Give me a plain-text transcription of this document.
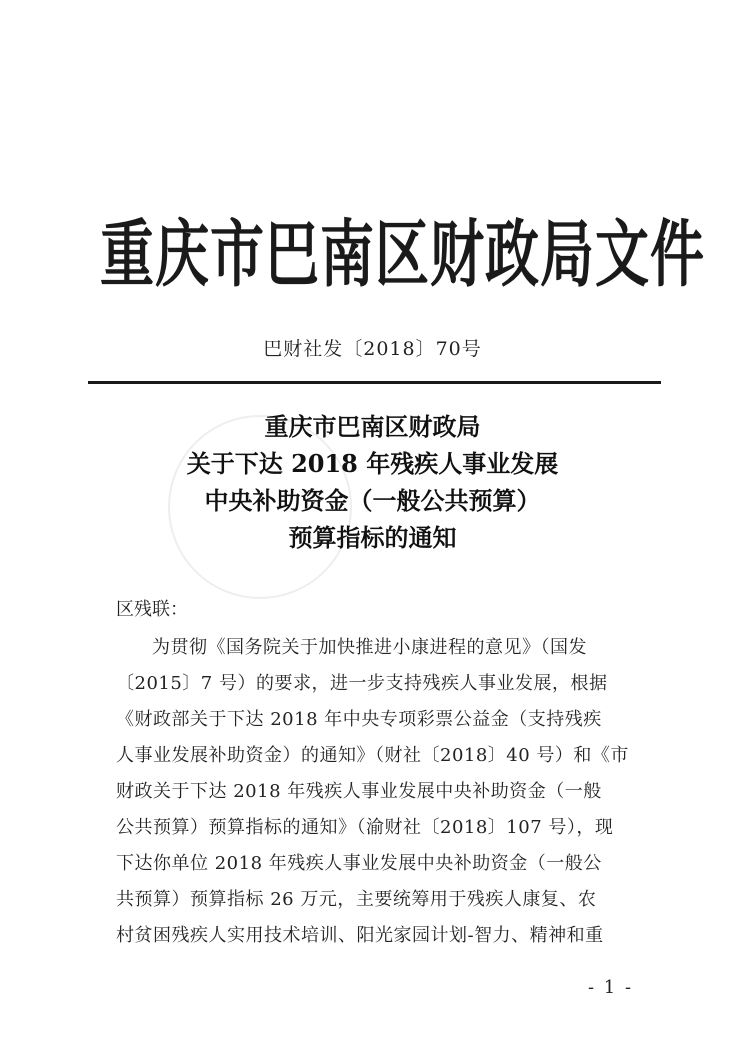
重庆市巴南区财政局文件
巴财社发〔2018〕70号
重庆市巴南区财政局
关于下达 2018 年残疾人事业发展
中央补助资金（一般公共预算）
预算指标的通知
区残联：
为贯彻《国务院关于加快推进小康进程的意见》（国发
〔2015〕7 号）的要求，进一步支持残疾人事业发展，根据
《财政部关于下达 2018 年中央专项彩票公益金（支持残疾
人事业发展补助资金）的通知》（财社〔2018〕40 号）和《市
财政关于下达 2018 年残疾人事业发展中央补助资金（一般
公共预算）预算指标的通知》（渝财社〔2018〕107 号），现
下达你单位 2018 年残疾人事业发展中央补助资金（一般公
共预算）预算指标 26 万元，主要统筹用于残疾人康复、农
村贫困残疾人实用技术培训、阳光家园计划-智力、精神和重
- 1 -
